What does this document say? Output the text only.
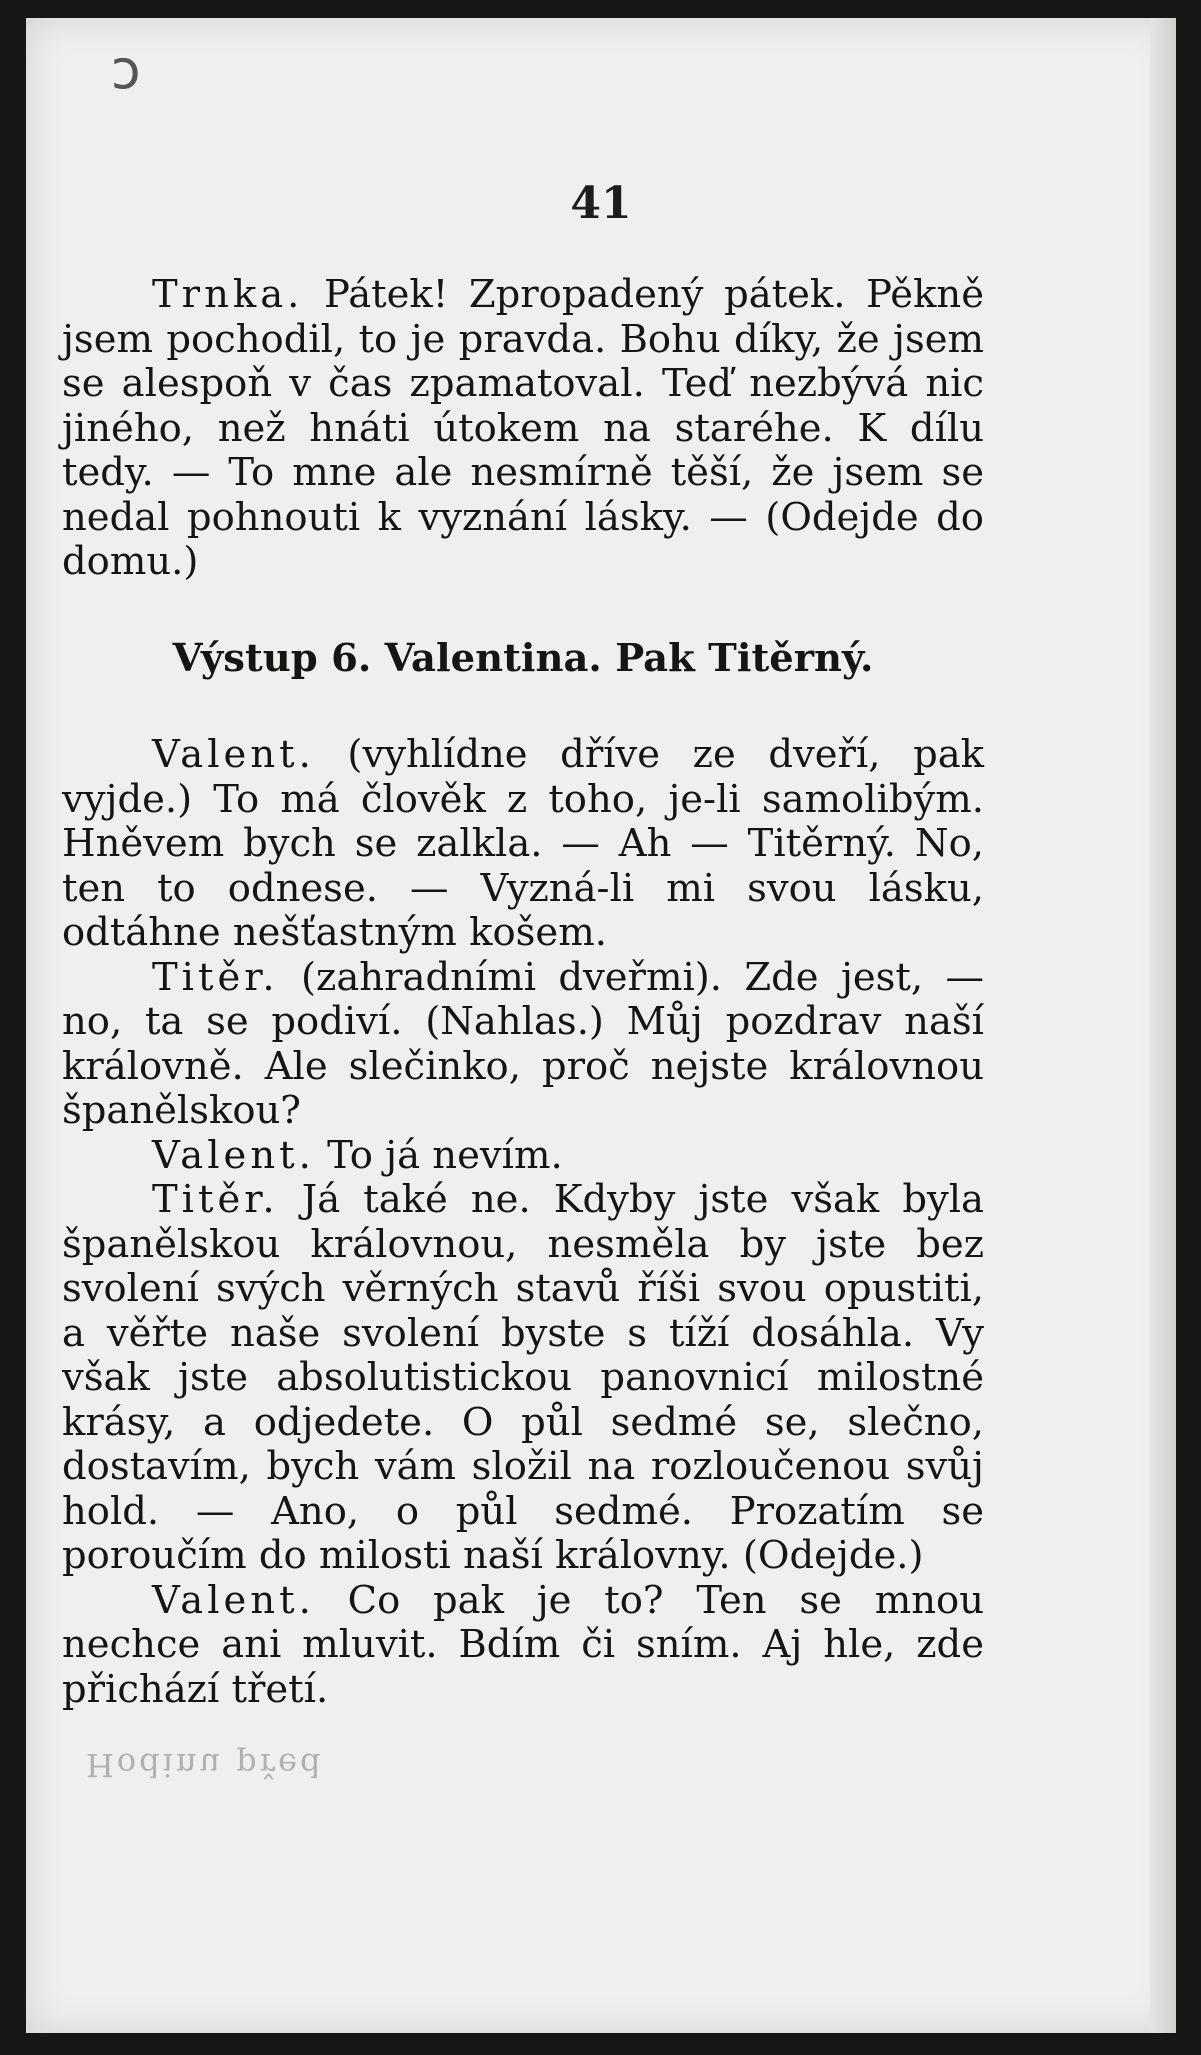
ↄ
41

Trnka. Pátek! Zpropadený pátek. Pěkně jsem pochodil, to je pravda. Bohu díky, že jsem se alespoň v čas zpamatoval. Teď nezbývá nic jiného, než hnáti útokem na staréhe. K dílu tedy. — To mne ale nesmírně těší, že jsem se nedal pohnouti k vyznání lásky. — (Odejde do domu.)

Výstup 6. Valentina. Pak Titěrný.

Valent. (vyhlídne dříve ze dveří, pak vyjde.) To má člověk z toho, je-li samolibým. Hněvem bych se zalkla. — Ah — Titěrný. No, ten to odnese. — Vyzná-li mi svou lásku, odtáhne nešťastným košem.

Titěr. (zahradními dveřmi). Zde jest, — no, ta se podiví. (Nahlas.) Můj pozdrav naší královně. Ale slečinko, proč nejste královnou španělskou?

Valent. To já nevím.

Titěr. Já také ne. Kdyby jste však byla španělskou královnou, nesměla by jste bez svolení svých věrných stavů říši svou opustiti, a věřte naše svolení byste s tíží dosáhla. Vy však jste absolutistickou panovnicí milostné krásy, a odjedete. O půl sedmé se, slečno, dostavím, bych vám složil na rozloučenou svůj hold. — Ano, o půl sedmé. Prozatím se poroučím do milosti naší královny. (Odejde.)

Valent. Co pak je to? Ten se mnou nechce ani mluvit. Bdím či sním. Aj hle, zde přichází třetí.

Hodinu před
